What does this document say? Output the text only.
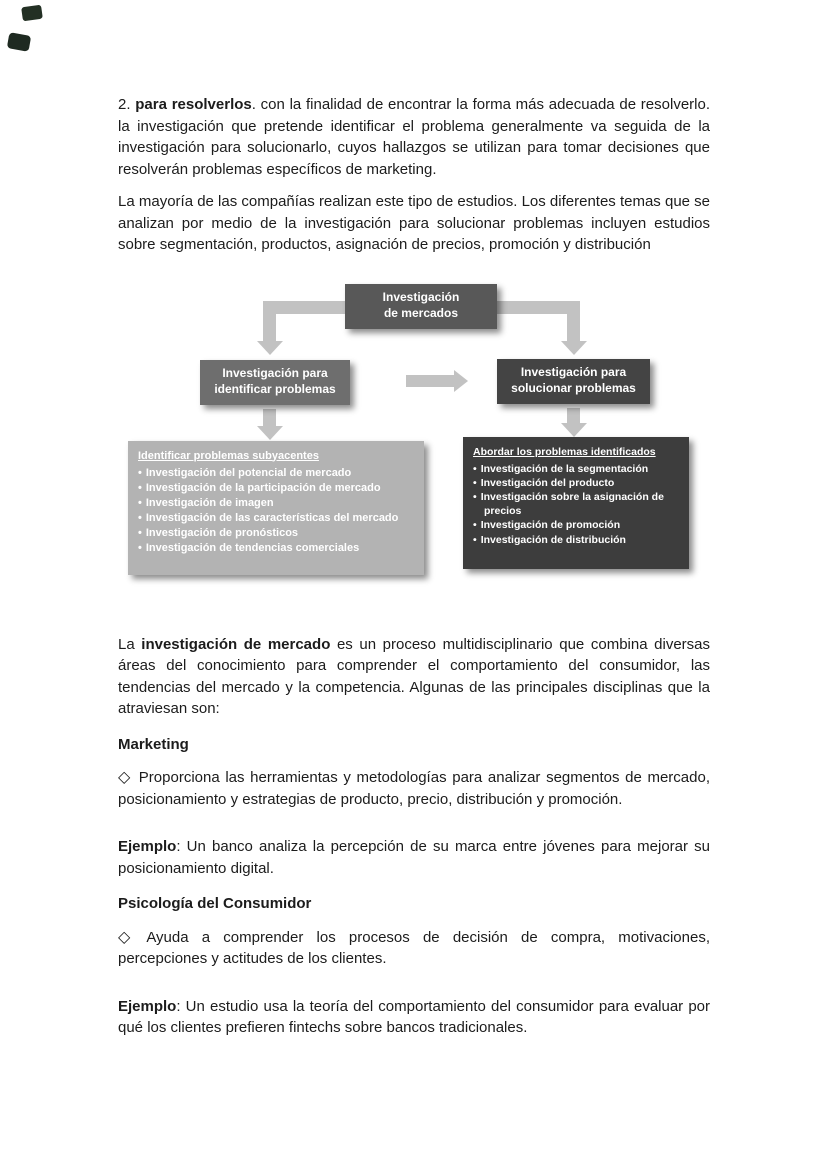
2. para resolverlos. con la finalidad de encontrar la forma más adecuada de resolverlo. la investigación que pretende identificar el problema generalmente va seguida de la investigación para solucionarlo, cuyos hallazgos se utilizan para tomar decisiones que resolverán problemas específicos de marketing.

La mayoría de las compañías realizan este tipo de estudios. Los diferentes temas que se analizan por medio de la investigación para solucionar problemas incluyen estudios sobre segmentación, productos, asignación de precios, promoción y distribución

Investigación
de mercados
Investigación para
identificar problemas
Investigación para
solucionar problemas
Identificar problemas subyacentes
• Investigación del potencial de mercado
• Investigación de la participación de mercado
• Investigación de imagen
• Investigación de las características del mercado
• Investigación de pronósticos
• Investigación de tendencias comerciales
Abordar los problemas identificados
• Investigación de la segmentación
• Investigación del producto
• Investigación sobre la asignación de precios
• Investigación de promoción
• Investigación de distribución

La investigación de mercado es un proceso multidisciplinario que combina diversas áreas del conocimiento para comprender el comportamiento del consumidor, las tendencias del mercado y la competencia. Algunas de las principales disciplinas que la atraviesan son:

Marketing

◇ Proporciona las herramientas y metodologías para analizar segmentos de mercado, posicionamiento y estrategias de producto, precio, distribución y promoción.

Ejemplo: Un banco analiza la percepción de su marca entre jóvenes para mejorar su posicionamiento digital.

Psicología del Consumidor

◇ Ayuda a comprender los procesos de decisión de compra, motivaciones, percepciones y actitudes de los clientes.

Ejemplo: Un estudio usa la teoría del comportamiento del consumidor para evaluar por qué los clientes prefieren fintechs sobre bancos tradicionales.
